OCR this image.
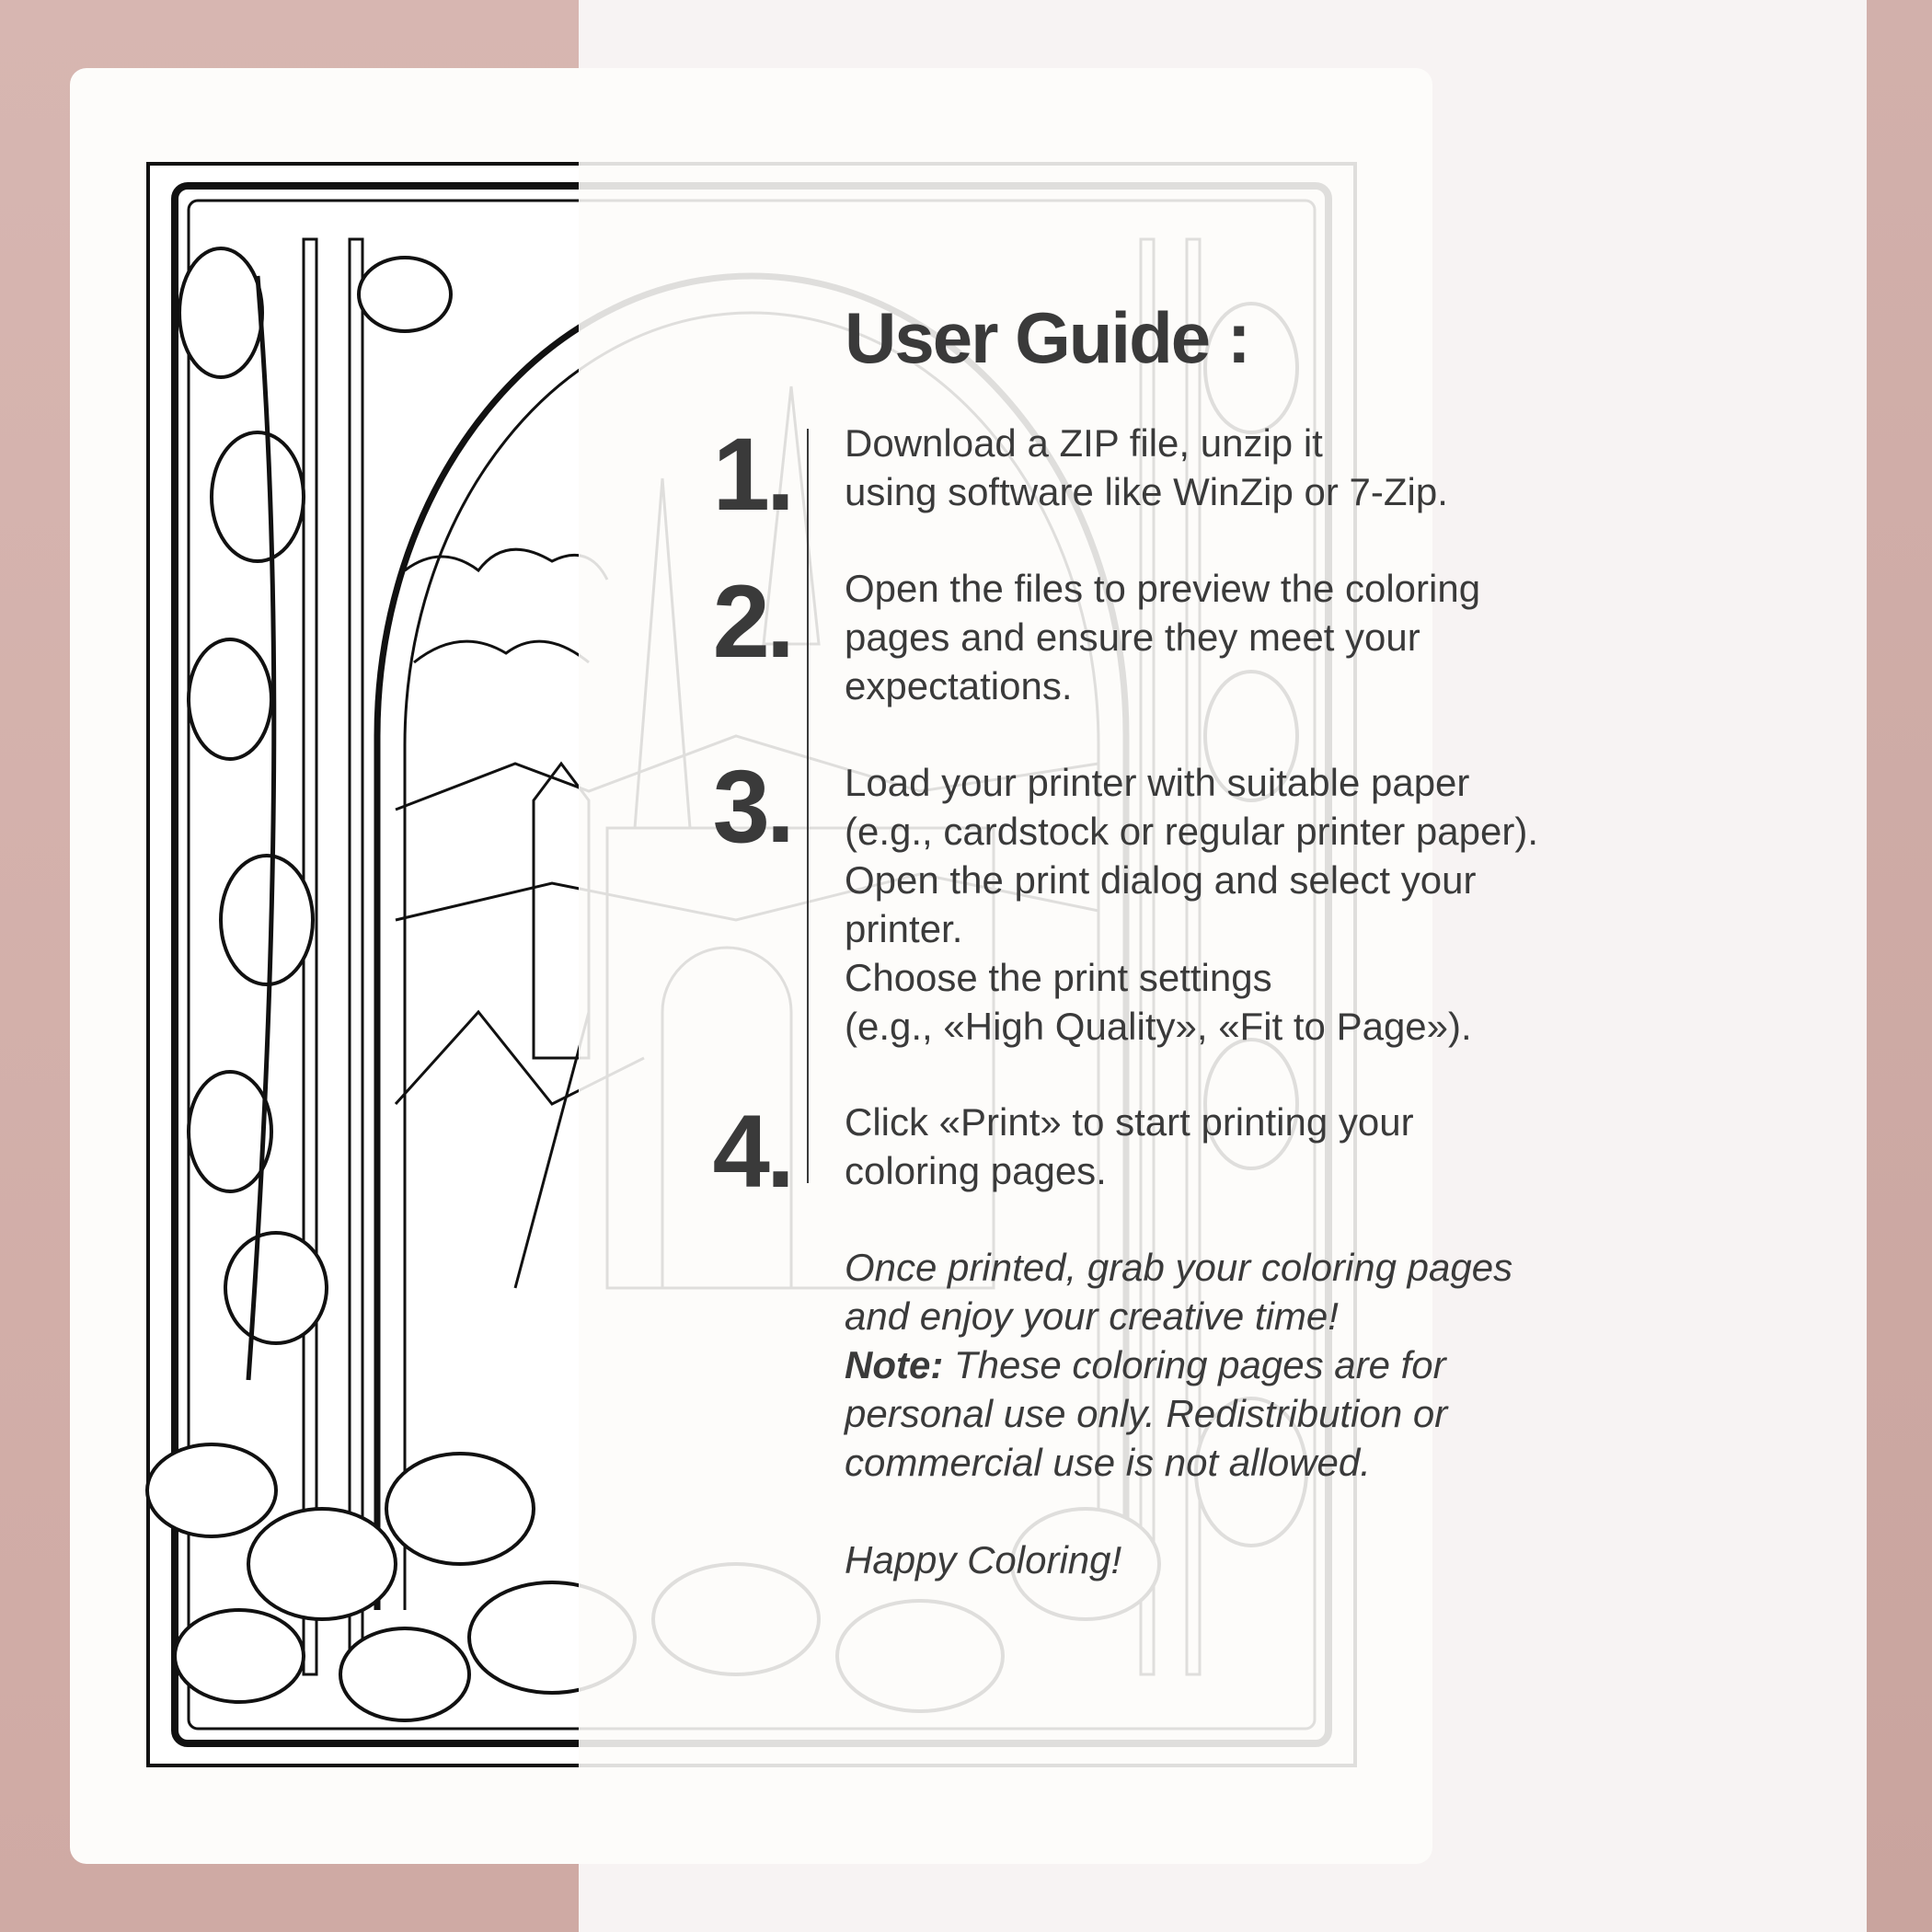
User Guide :
1. Download a ZIP file, unzip it
using software like WinZip or 7-Zip.
2. Open the files to preview the coloring
pages and ensure they meet your
expectations.
3. Load your printer with suitable paper
(e.g., cardstock or regular printer paper).
Open the print dialog and select your
printer.
Choose the print settings
(e.g., «High Quality», «Fit to Page»).
4. Click «Print» to start printing your
coloring pages.
Once printed, grab your coloring pages
and enjoy your creative time!
Note: These coloring pages are for
personal use only. Redistribution or
commercial use is not allowed.
Happy Coloring!
